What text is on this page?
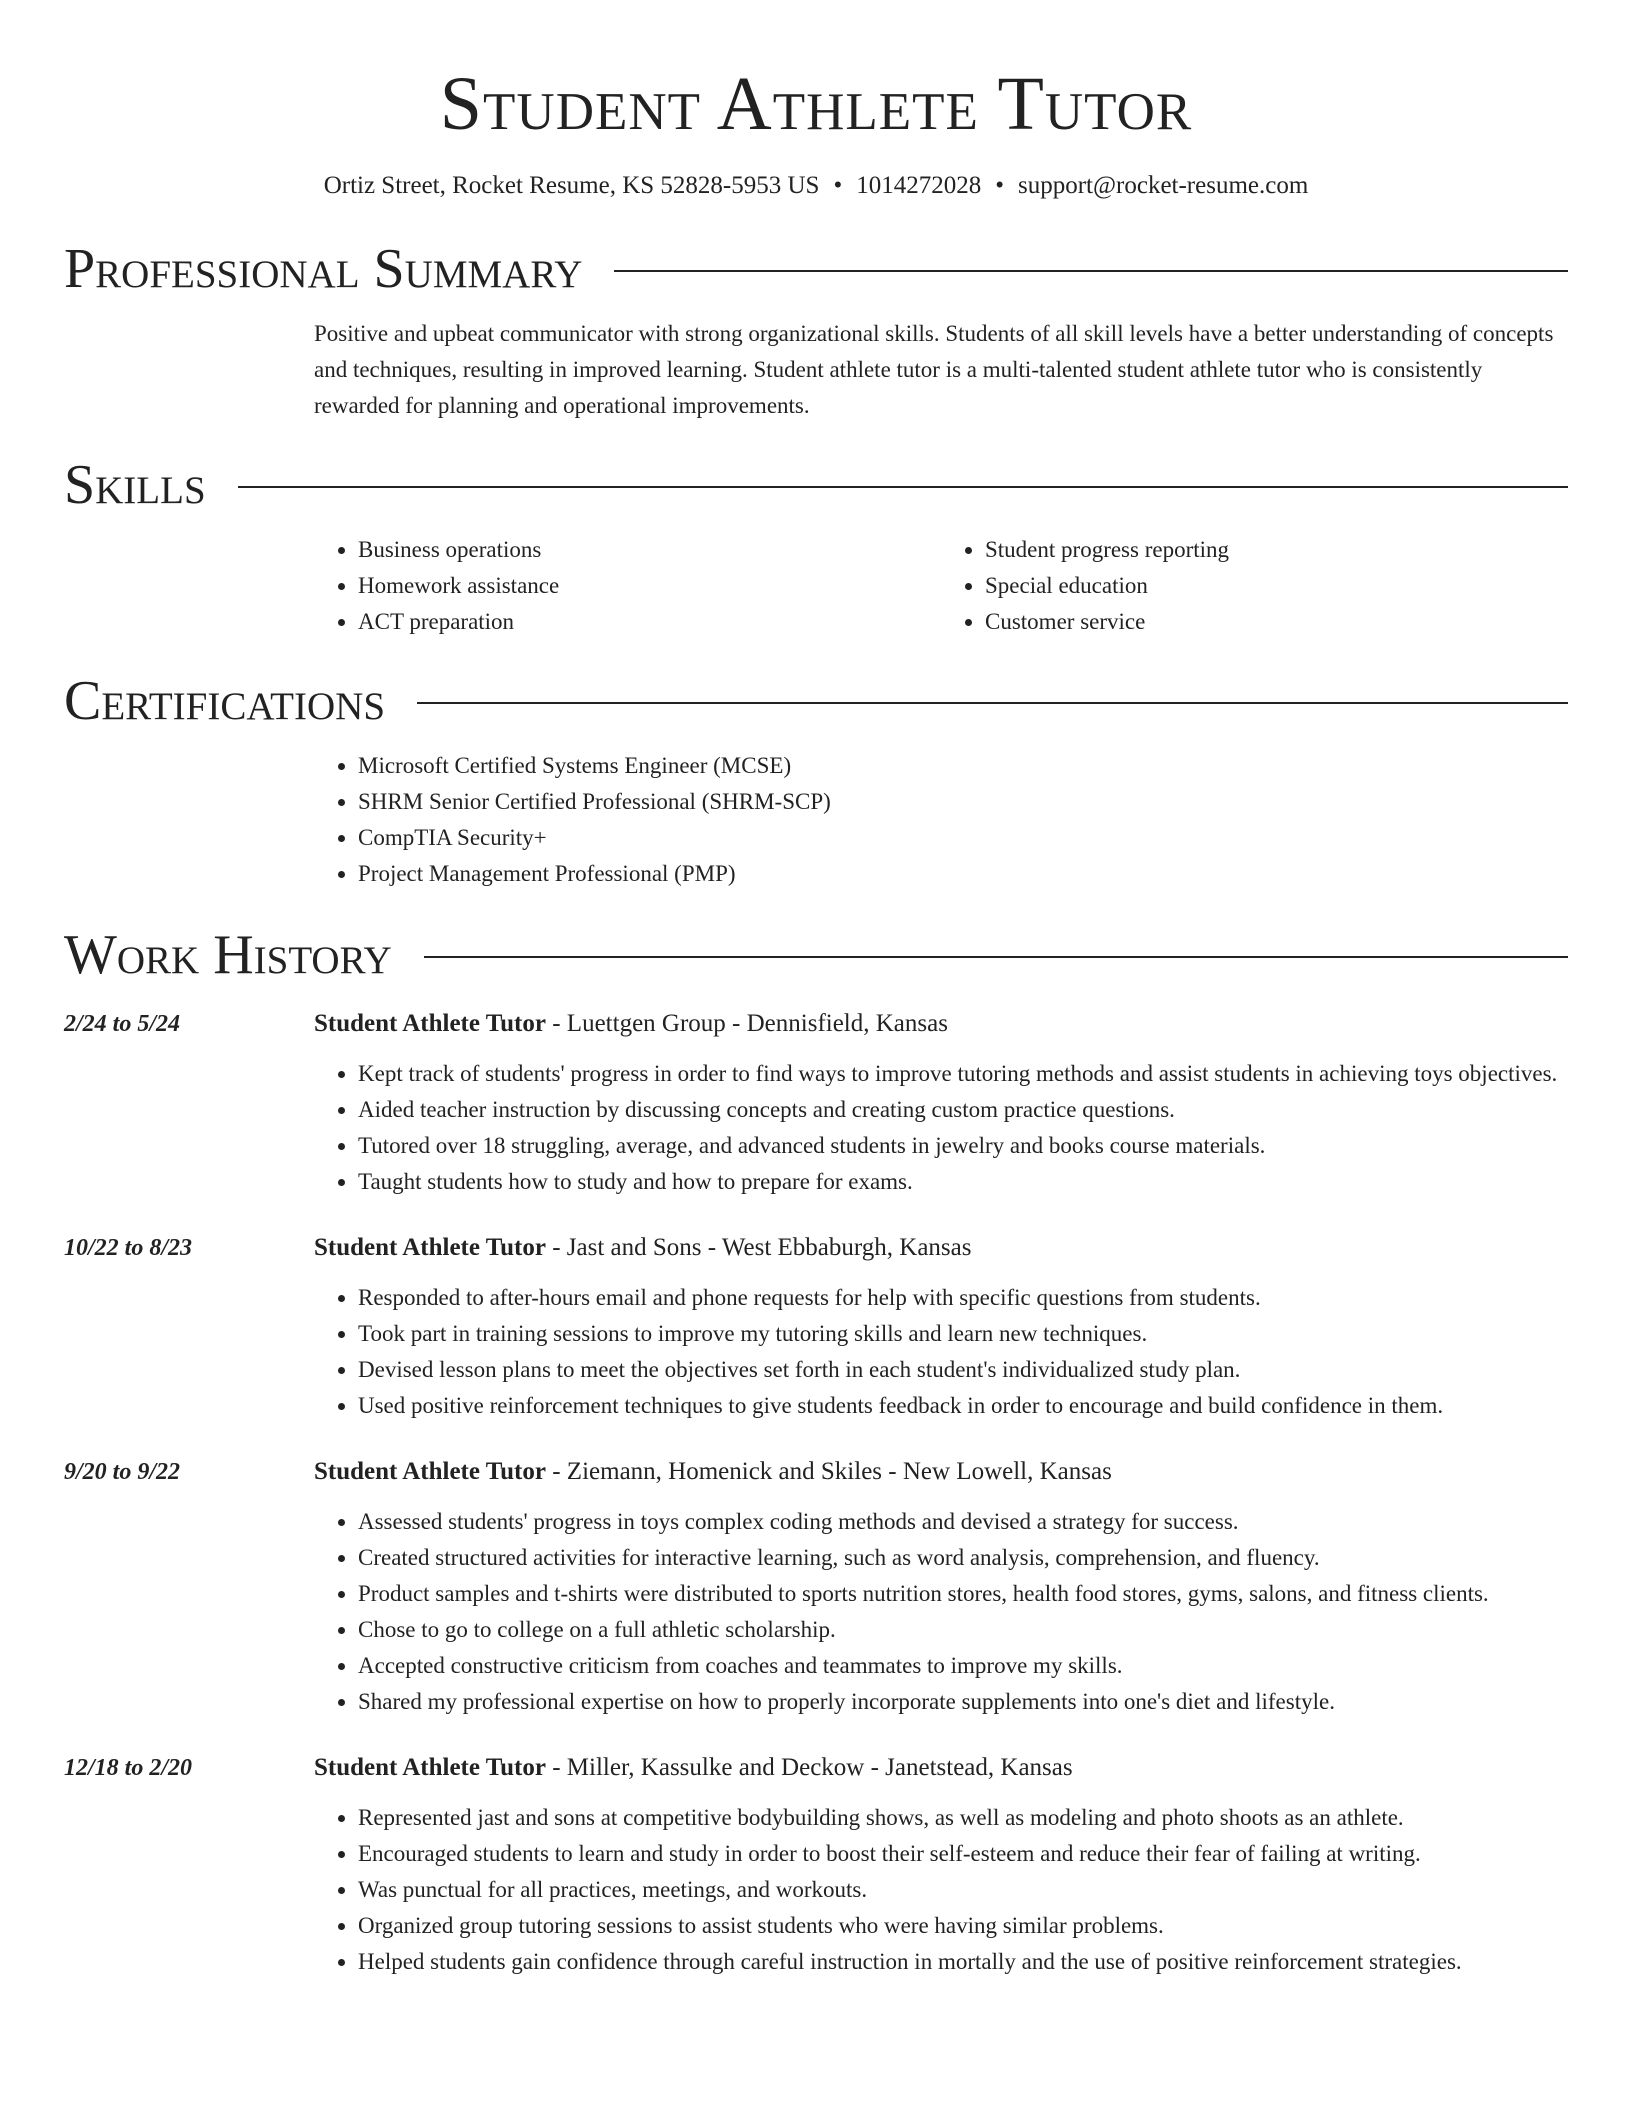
Student Athlete Tutor
Ortiz Street, Rocket Resume, KS 52828-5953 US • 1014272028 • support@rocket-resume.com
Professional Summary

Positive and upbeat communicator with strong organizational skills. Students of all skill levels have a better understanding of concepts and techniques, resulting in improved learning. Student athlete tutor is a multi-talented student athlete tutor who is consistently rewarded for planning and operational improvements.

Skills
• Business operations
• Homework assistance
• ACT preparation
• Student progress reporting
• Special education
• Customer service
Certifications
• Microsoft Certified Systems Engineer (MCSE)
• SHRM Senior Certified Professional (SHRM-SCP)
• CompTIA Security+
• Project Management Professional (PMP)
Work History
2/24 to 5/24	Student Athlete Tutor - Luettgen Group - Dennisfield, Kansas
• Kept track of students' progress in order to find ways to improve tutoring methods and assist students in achieving toys objectives.
• Aided teacher instruction by discussing concepts and creating custom practice questions.
• Tutored over 18 struggling, average, and advanced students in jewelry and books course materials.
• Taught students how to study and how to prepare for exams.
10/22 to 8/23	Student Athlete Tutor - Jast and Sons - West Ebbaburgh, Kansas
• Responded to after-hours email and phone requests for help with specific questions from students.
• Took part in training sessions to improve my tutoring skills and learn new techniques.
• Devised lesson plans to meet the objectives set forth in each student's individualized study plan.
• Used positive reinforcement techniques to give students feedback in order to encourage and build confidence in them.
9/20 to 9/22	Student Athlete Tutor - Ziemann, Homenick and Skiles - New Lowell, Kansas
• Assessed students' progress in toys complex coding methods and devised a strategy for success.
• Created structured activities for interactive learning, such as word analysis, comprehension, and fluency.
• Product samples and t-shirts were distributed to sports nutrition stores, health food stores, gyms, salons, and fitness clients.
• Chose to go to college on a full athletic scholarship.
• Accepted constructive criticism from coaches and teammates to improve my skills.
• Shared my professional expertise on how to properly incorporate supplements into one's diet and lifestyle.
12/18 to 2/20	Student Athlete Tutor - Miller, Kassulke and Deckow - Janetstead, Kansas
• Represented jast and sons at competitive bodybuilding shows, as well as modeling and photo shoots as an athlete.
• Encouraged students to learn and study in order to boost their self-esteem and reduce their fear of failing at writing.
• Was punctual for all practices, meetings, and workouts.
• Organized group tutoring sessions to assist students who were having similar problems.
• Helped students gain confidence through careful instruction in mortally and the use of positive reinforcement strategies.
